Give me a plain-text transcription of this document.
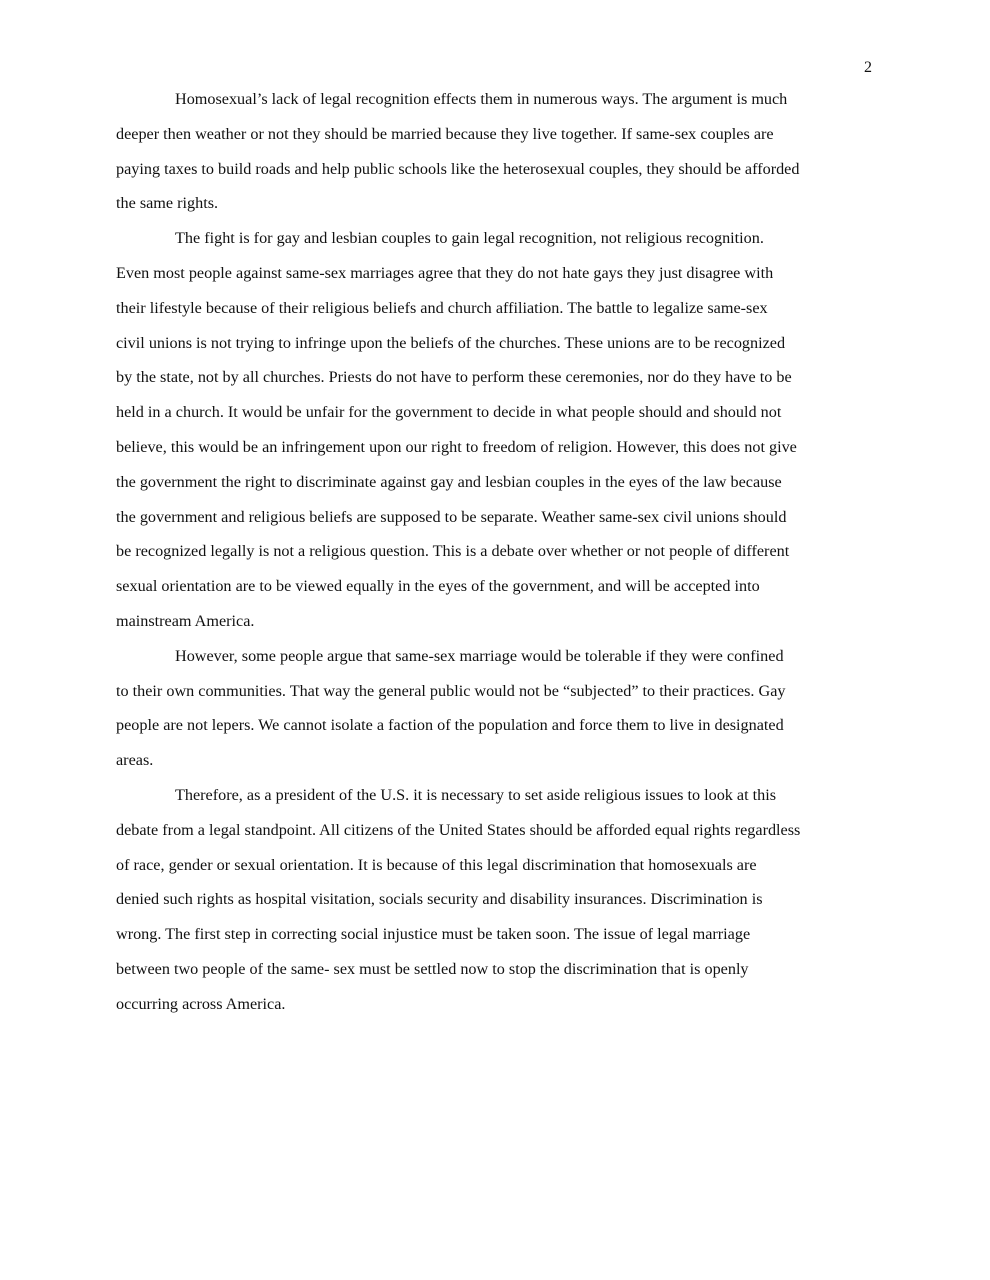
2
Homosexual’s lack of legal recognition effects them in numerous ways. The argument is much
deeper then weather or not they should be married because they live together. If same-sex couples are
paying taxes to build roads and help public schools like the heterosexual couples, they should be afforded
the same rights.
The fight is for gay and lesbian couples to gain legal recognition, not religious recognition.
Even most people against same-sex marriages agree that they do not hate gays they just disagree with
their lifestyle because of their religious beliefs and church affiliation. The battle to legalize same-sex
civil unions is not trying to infringe upon the beliefs of the churches. These unions are to be recognized
by the state, not by all churches. Priests do not have to perform these ceremonies, nor do they have to be
held in a church. It would be unfair for the government to decide in what people should and should not
believe, this would be an infringement upon our right to freedom of religion. However, this does not give
the government the right to discriminate against gay and lesbian couples in the eyes of the law because
the government and religious beliefs are supposed to be separate. Weather same-sex civil unions should
be recognized legally is not a religious question. This is a debate over whether or not people of different
sexual orientation are to be viewed equally in the eyes of the government, and will be accepted into
mainstream America.
However, some people argue that same-sex marriage would be tolerable if they were confined
to their own communities. That way the general public would not be “subjected” to their practices. Gay
people are not lepers. We cannot isolate a faction of the population and force them to live in designated
areas.
Therefore, as a president of the U.S. it is necessary to set aside religious issues to look at this
debate from a legal standpoint. All citizens of the United States should be afforded equal rights regardless
of race, gender or sexual orientation. It is because of this legal discrimination that homosexuals are
denied such rights as hospital visitation, socials security and disability insurances. Discrimination is
wrong. The first step in correcting social injustice must be taken soon. The issue of legal marriage
between two people of the same- sex must be settled now to stop the discrimination that is openly
occurring across America.
